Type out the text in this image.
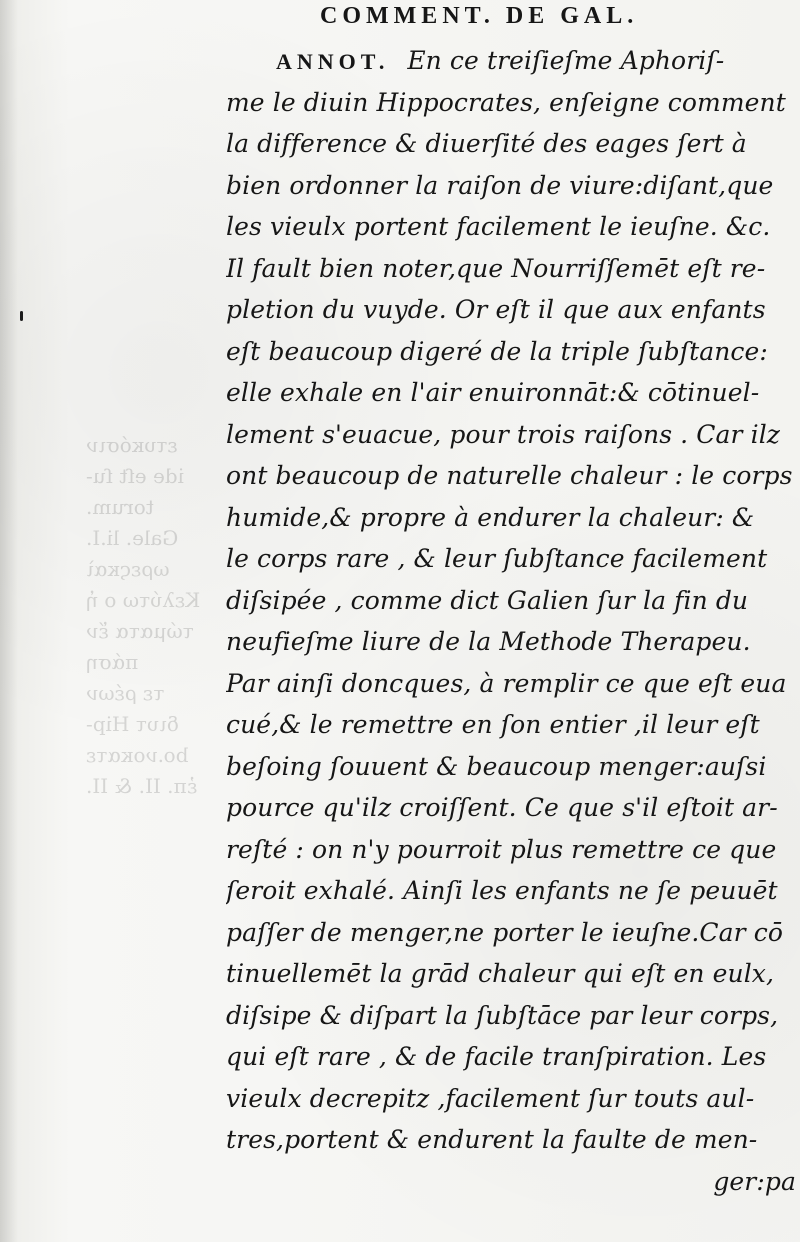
ετυκόσιν
ide eſt ſu-
torum.
Gale. li.I.
ωρεςκαὶ
Κελύτω ο ἡ
τώματα ἕν
πάση
τε ρέων
διυτ Hip-
bo.νοκατε
ἐπ. II. & II.
COMMENT. DE GAL.
ANNOT. En ce treiſieſme Aphoriſ-
me le diuin Hippocrates, enſeigne comment
la difference & diuerſité des eages ſert à
bien ordonner la raiſon de viure:diſant,que
les vieulx portent facilement le ieuſne. &c.
Il fault bien noter,que Nourriſſemēt eſt re-
pletion du vuyde. Or eſt il que aux enfants
eſt beaucoup digeré de la triple ſubſtance:
elle exhale en l'air enuironnāt:& cōtinuel-
lement s'euacue, pour trois raiſons . Car ilz
ont beaucoup de naturelle chaleur : le corps
humide,& propre à endurer la chaleur: &
le corps rare , & leur ſubſtance facilement
diſsipée , comme dict Galien ſur la fin du
neufieſme liure de la Methode Therapeu.
Par ainſi doncques, à remplir ce que eſt eua
cué,& le remettre en ſon entier ,il leur eſt
beſoing ſouuent & beaucoup menger:auſsi
pource qu'ilz croiſſent. Ce que s'il eſtoit ar-
reſté : on n'y pourroit plus remettre ce que
ſeroit exhalé. Ainſi les enfants ne ſe peuuēt
paſſer de menger,ne porter le ieuſne.Car cō
tinuellemēt la grād chaleur qui eſt en eulx,
diſsipe & diſpart la ſubſtāce par leur corps,
qui eſt rare , & de facile tranſpiration. Les
vieulx decrepitz ,facilement ſur touts aul-
tres,portent & endurent la faulte de men-
ger:pa
